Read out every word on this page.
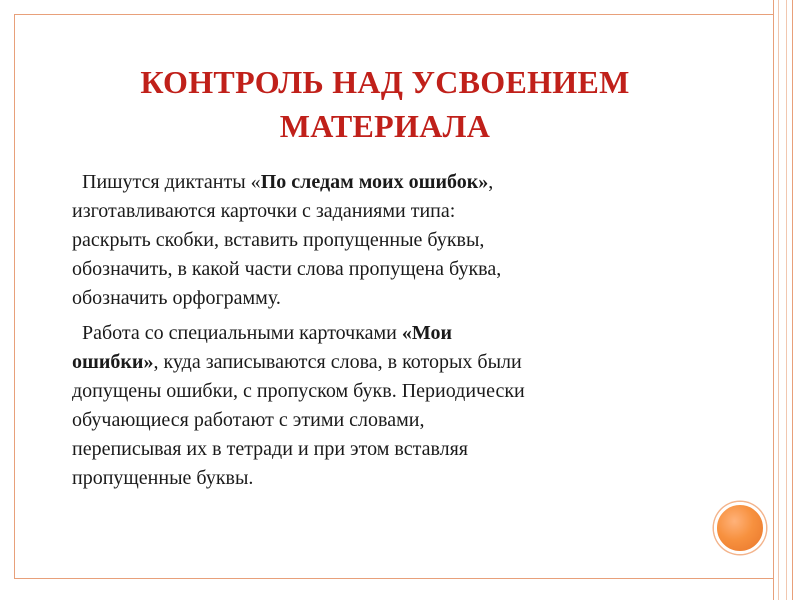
КОНТРОЛЬ НАД УСВОЕНИЕМ
МАТЕРИАЛА

Пишутся диктанты «По следам моих ошибок»,
изготавливаются карточки с заданиями типа:
раскрыть скобки, вставить пропущенные буквы,
обозначить, в какой части слова пропущена буква,
обозначить орфограмму.

Работа со специальными карточками «Мои
ошибки», куда записываются слова, в которых были
допущены ошибки, с пропуском букв. Периодически
обучающиеся работают с этими словами,
переписывая их в тетради и при этом вставляя
пропущенные буквы.
